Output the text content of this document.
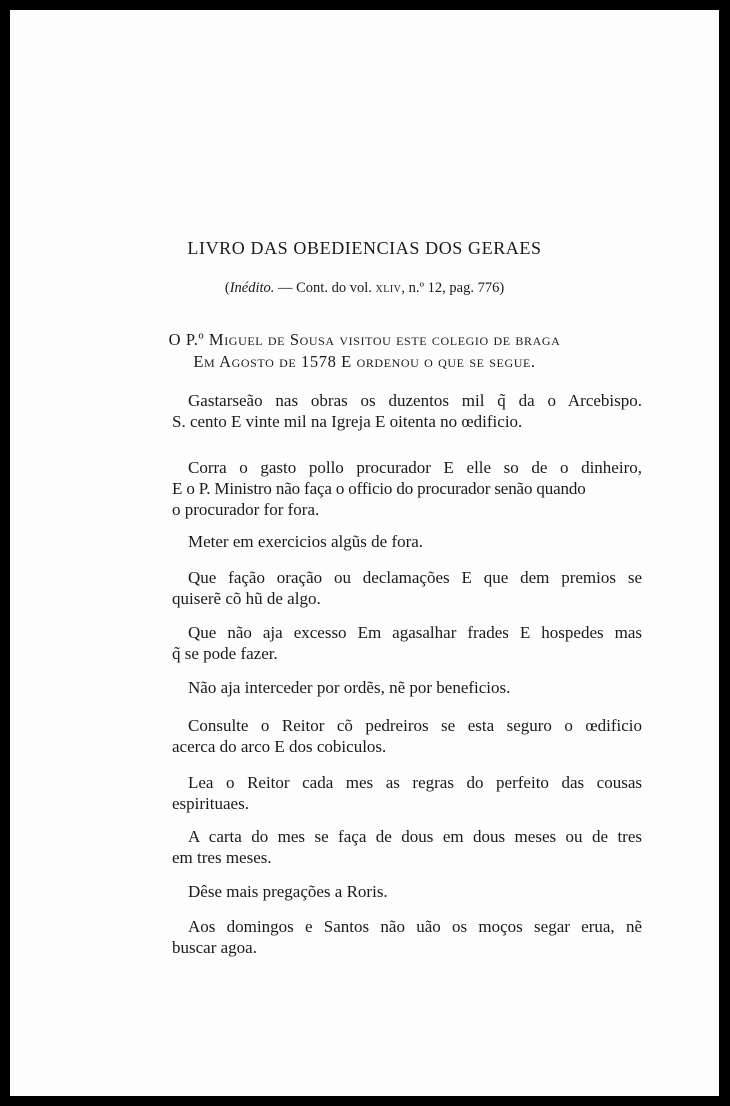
LIVRO DAS OBEDIENCIAS DOS GERAES
(Inédito. — Cont. do vol. xliv, n.º 12, pag. 776)
O P.º Miguel de Sousa visitou este colegio de braga
Em Agosto de 1578 E ordenou o que se segue.
Gastarseão nas obras os duzentos mil q̃ da o Arcebispo.
S. cento E vinte mil na Igreja E oitenta no œdificio.
Corra o gasto pollo procurador E elle so de o dinheiro,
E o P. Ministro não faça o officio do procurador senão quando
o procurador for fora.
Meter em exercicios algũs de fora.
Que fação oração ou declamações E que dem premios se
quiserẽ cõ hũ de algo.
Que não aja excesso Em agasalhar frades E hospedes mas
q̃ se pode fazer.
Não aja interceder por ordẽs, nẽ por beneficios.
Consulte o Reitor cõ pedreiros se esta seguro o œdificio
acerca do arco E dos cobiculos.
Lea o Reitor cada mes as regras do perfeito das cousas
espirituaes.
A carta do mes se faça de dous em dous meses ou de tres
em tres meses.
Dêse mais pregações a Roris.
Aos domingos e Santos não uão os moços segar erua, nẽ
buscar agoa.
